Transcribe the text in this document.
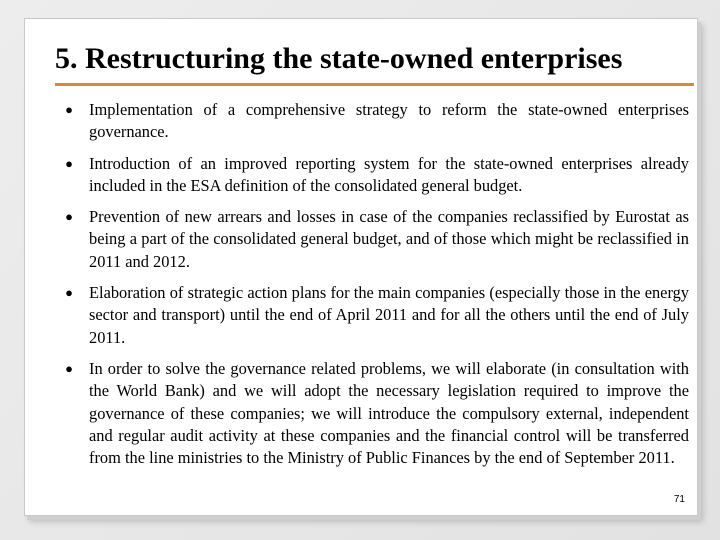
5. Restructuring the state-owned enterprises
● Implementation of a comprehensive strategy to reform the state-owned enterprises governance.
● Introduction of an improved reporting system for the state-owned enterprises already included in the ESA definition of the consolidated general budget.
● Prevention of new arrears and losses in case of the companies reclassified by Eurostat as being a part of the consolidated general budget, and of those which might be reclassified in 2011 and 2012.
● Elaboration of strategic action plans for the main companies (especially those in the energy sector and transport) until the end of April 2011 and for all the others until the end of July 2011.
● In order to solve the governance related problems, we will elaborate (in consultation with the World Bank) and we will adopt the necessary legislation required to improve the governance of these companies; we will introduce the compulsory external, independent and regular audit activity at these companies and the financial control will be transferred from the line ministries to the Ministry of Public Finances by the end of September 2011.
71
